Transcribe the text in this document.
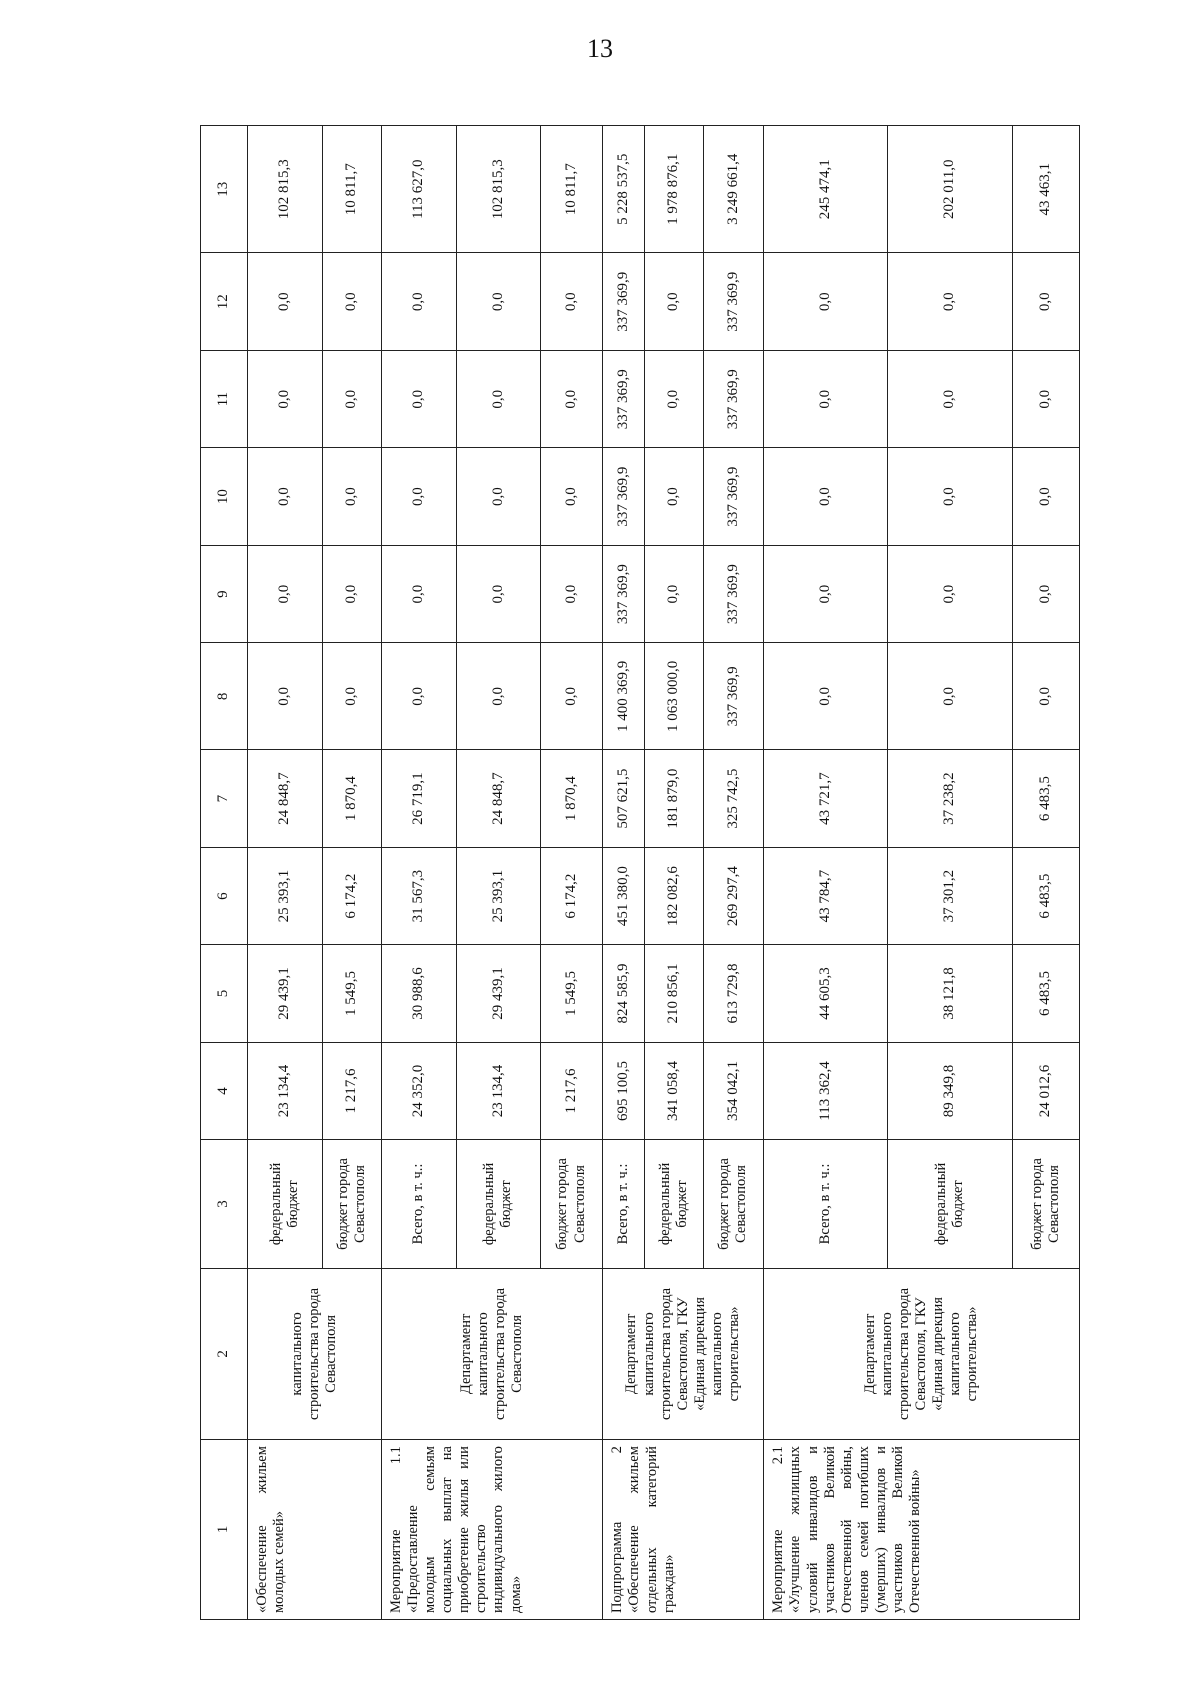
13
1	2	3	4	5	6	7	8	9	10	11	12	13
«Обеспечение жильем молодых семей»	капитального строительства города Севастополя	федеральный бюджет	23 134,4	29 439,1	25 393,1	24 848,7	0,0	0,0	0,0	0,0	0,0	102 815,3
		бюджет города Севастополя	1 217,6	1 549,5	6 174,2	1 870,4	0,0	0,0	0,0	0,0	0,0	10 811,7
Мероприятие 1.1 «Предоставление молодым семьям социальных выплат на приобретение жилья или строительство индивидуального жилого дома»	Департамент капитального строительства города Севастополя	Всего, в т. ч.:	24 352,0	30 988,6	31 567,3	26 719,1	0,0	0,0	0,0	0,0	0,0	113 627,0
		федеральный бюджет	23 134,4	29 439,1	25 393,1	24 848,7	0,0	0,0	0,0	0,0	0,0	102 815,3
		бюджет города Севастополя	1 217,6	1 549,5	6 174,2	1 870,4	0,0	0,0	0,0	0,0	0,0	10 811,7
Подпрограмма 2 «Обеспечение жильем отдельных категорий граждан»	Департамент капитального строительства города Севастополя, ГКУ «Единая дирекция капитального строительства»	Всего, в т. ч.:	695 100,5	824 585,9	451 380,0	507 621,5	1 400 369,9	337 369,9	337 369,9	337 369,9	337 369,9	5 228 537,5
		федеральный бюджет	341 058,4	210 856,1	182 082,6	181 879,0	1 063 000,0	0,0	0,0	0,0	0,0	1 978 876,1
		бюджет города Севастополя	354 042,1	613 729,8	269 297,4	325 742,5	337 369,9	337 369,9	337 369,9	337 369,9	337 369,9	3 249 661,4
Мероприятие 2.1 «Улучшение жилищных условий инвалидов и участников Великой Отечественной войны, членов семей погибших (умерших) инвалидов и участников Великой Отечественной войны»	Департамент капитального строительства города Севастополя, ГКУ «Единая дирекция капитального строительства»	Всего, в т. ч.:	113 362,4	44 605,3	43 784,7	43 721,7	0,0	0,0	0,0	0,0	0,0	245 474,1
		федеральный бюджет	89 349,8	38 121,8	37 301,2	37 238,2	0,0	0,0	0,0	0,0	0,0	202 011,0
		бюджет города Севастополя	24 012,6	6 483,5	6 483,5	6 483,5	0,0	0,0	0,0	0,0	0,0	43 463,1
